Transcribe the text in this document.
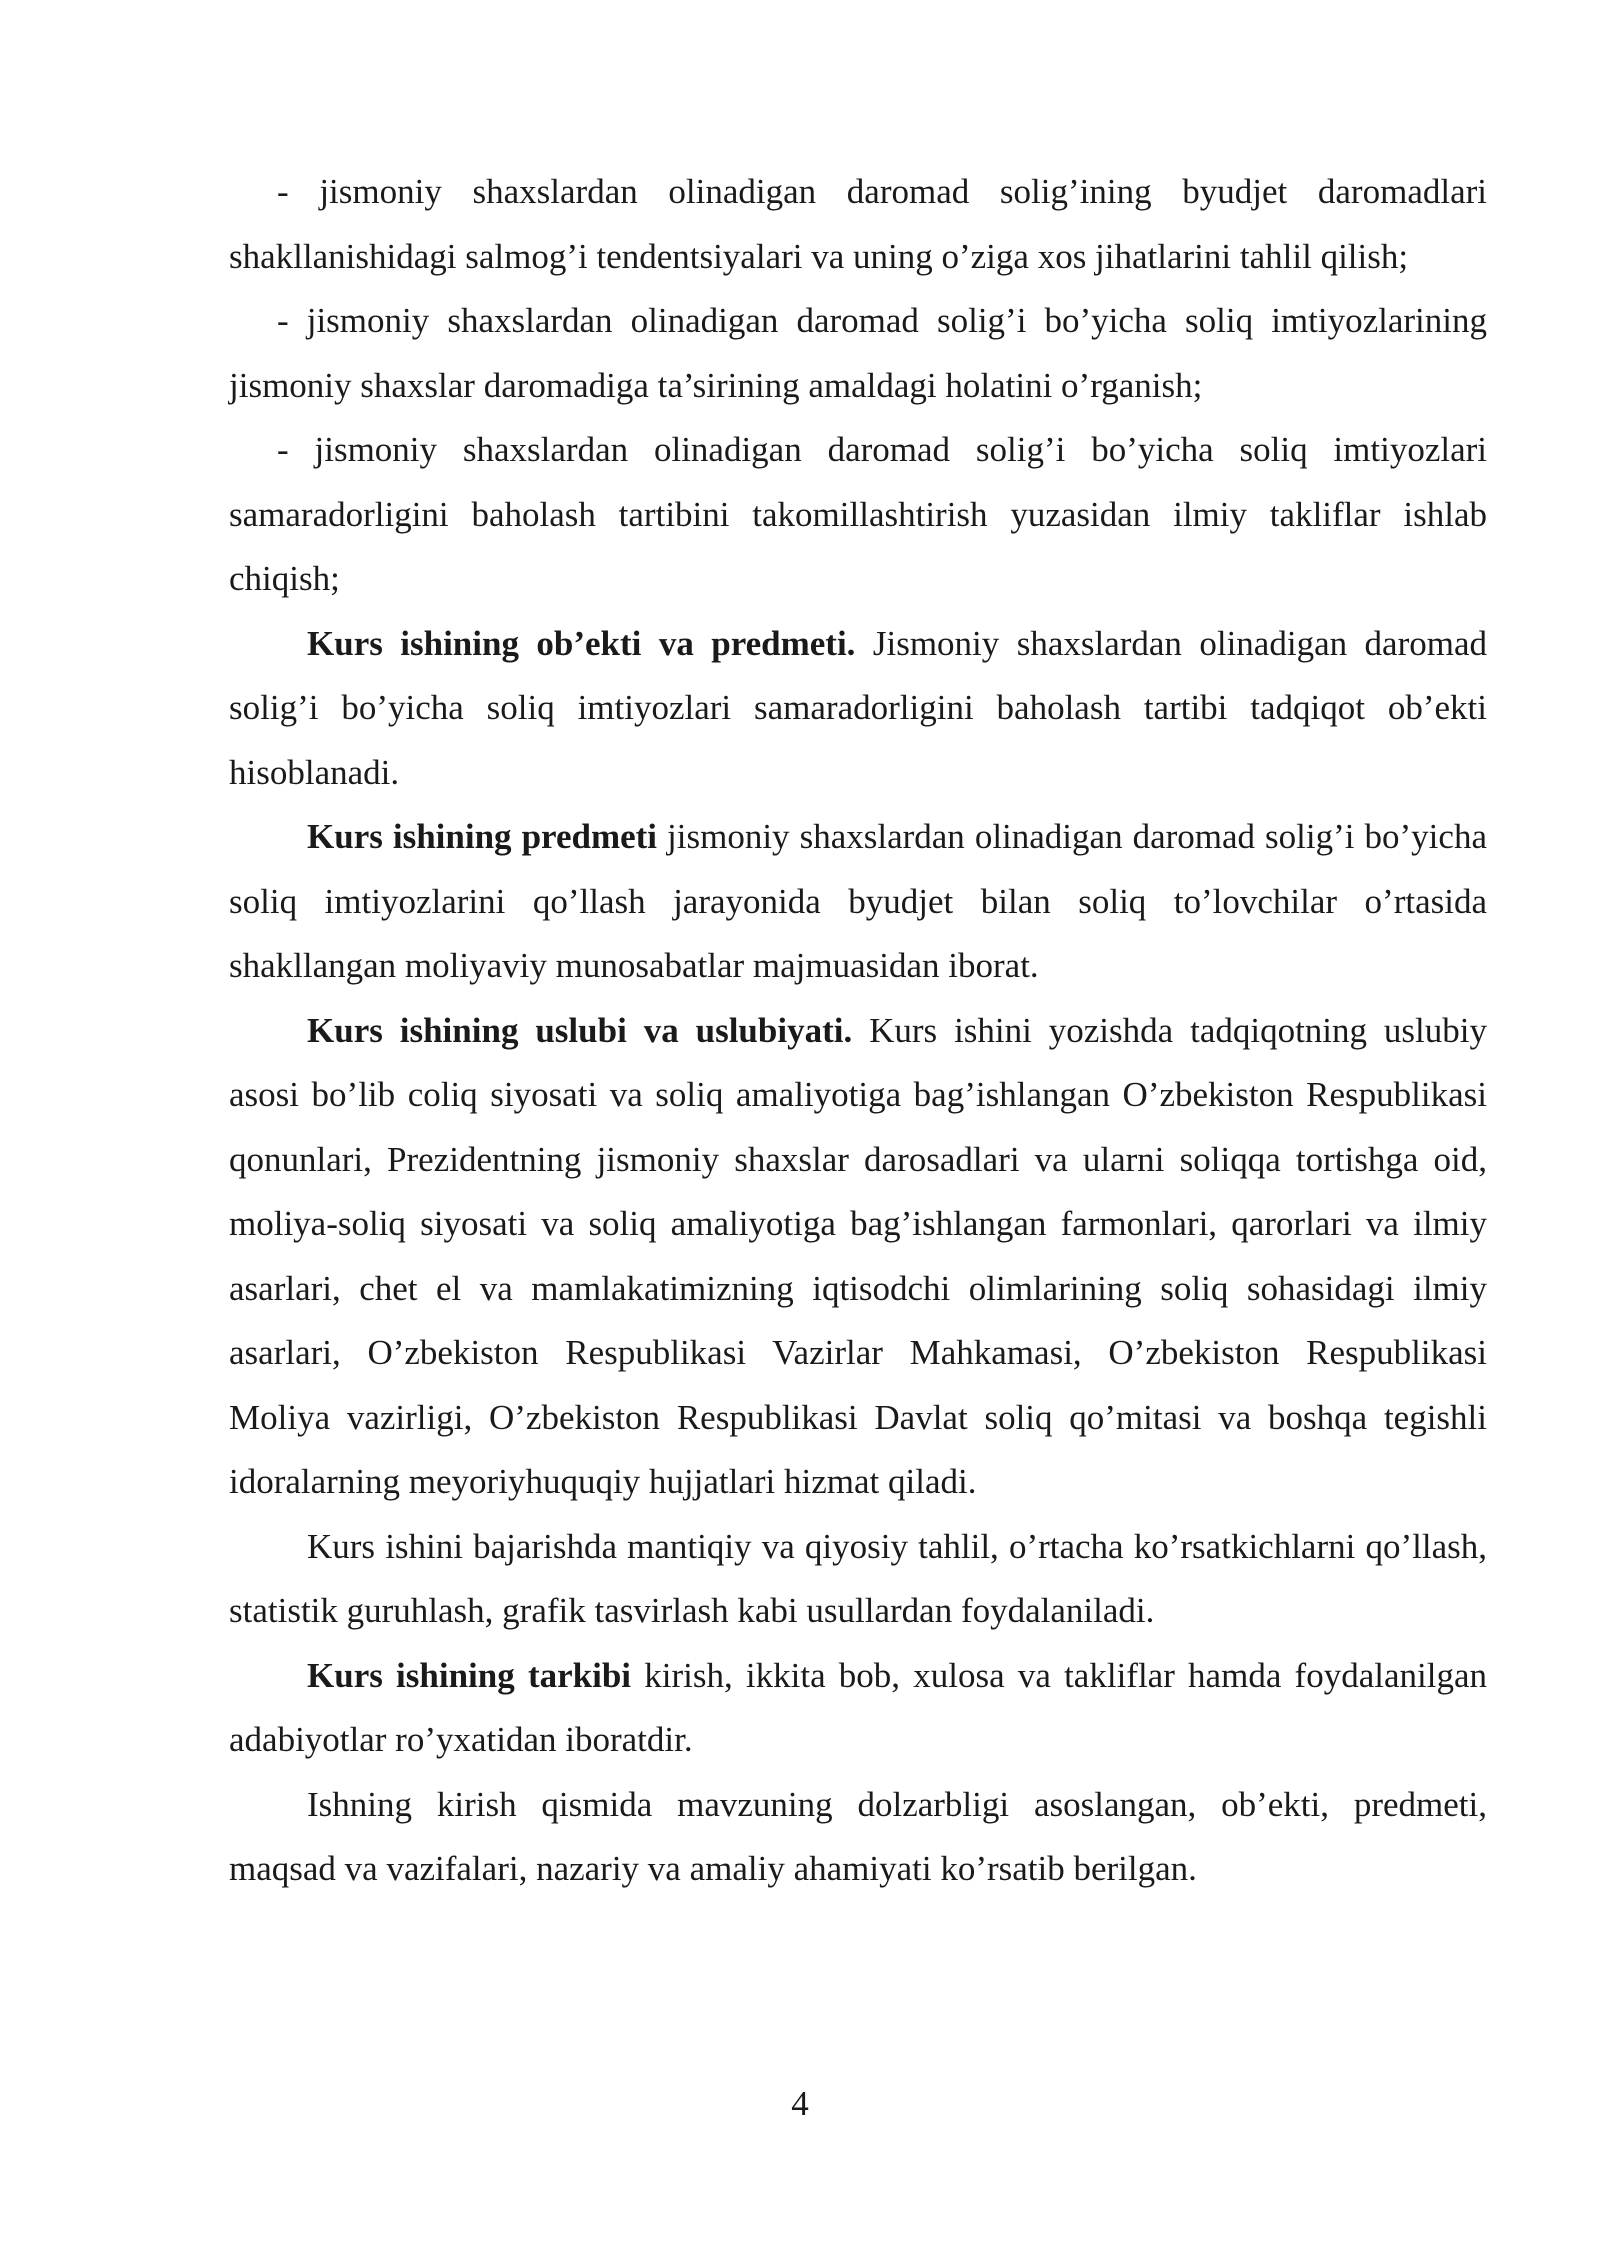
- jismoniy shaxslardan olinadigan daromad solig’ining byudjet daromadlari shakllanishidagi salmog’i tendentsiyalari va uning o’ziga xos jihatlarini tahlil qilish;

- jismoniy shaxslardan olinadigan daromad solig’i bo’yicha soliq imtiyozlarining jismoniy shaxslar daromadiga ta’sirining amaldagi holatini o’rganish;

- jismoniy shaxslardan olinadigan daromad solig’i bo’yicha soliq imtiyozlari samaradorligini baholash tartibini takomillashtirish yuzasidan ilmiy takliflar ishlab chiqish;

Kurs ishining ob’ekti va predmeti. Jismoniy shaxslardan olinadigan daromad solig’i bo’yicha soliq imtiyozlari samaradorligini baholash tartibi tadqiqot ob’ekti hisoblanadi.

Kurs ishining predmeti jismoniy shaxslardan olinadigan daromad solig’i bo’yicha soliq imtiyozlarini qo’llash jarayonida byudjet bilan soliq to’lovchilar o’rtasida shakllangan moliyaviy munosabatlar majmuasidan iborat.

Kurs ishining uslubi va uslubiyati. Kurs ishini yozishda tadqiqotning uslubiy asosi bo’lib coliq siyosati va soliq amaliyotiga bag’ishlangan O’zbekiston Respublikasi qonunlari, Prezidentning jismoniy shaxslar darosadlari va ularni soliqqa tortishga oid, moliya-soliq siyosati va soliq amaliyotiga bag’ishlangan farmonlari, qarorlari va ilmiy asarlari, chet el va mamlakatimizning iqtisodchi olimlarining soliq sohasidagi ilmiy asarlari, O’zbekiston Respublikasi Vazirlar Mahkamasi, O’zbekiston Respublikasi Moliya vazirligi, O’zbekiston Respublikasi Davlat soliq qo’mitasi va boshqa tegishli idoralarning meyoriyhuquqiy hujjatlari hizmat qiladi.

Kurs ishini bajarishda mantiqiy va qiyosiy tahlil, o’rtacha ko’rsatkichlarni qo’llash, statistik guruhlash, grafik tasvirlash kabi usullardan foydalaniladi.

Kurs ishining tarkibi kirish, ikkita bob, xulosa va takliflar hamda foydalanilgan adabiyotlar ro’yxatidan iboratdir.

Ishning kirish qismida mavzuning dolzarbligi asoslangan, ob’ekti, predmeti, maqsad va vazifalari, nazariy va amaliy ahamiyati ko’rsatib berilgan.

4
